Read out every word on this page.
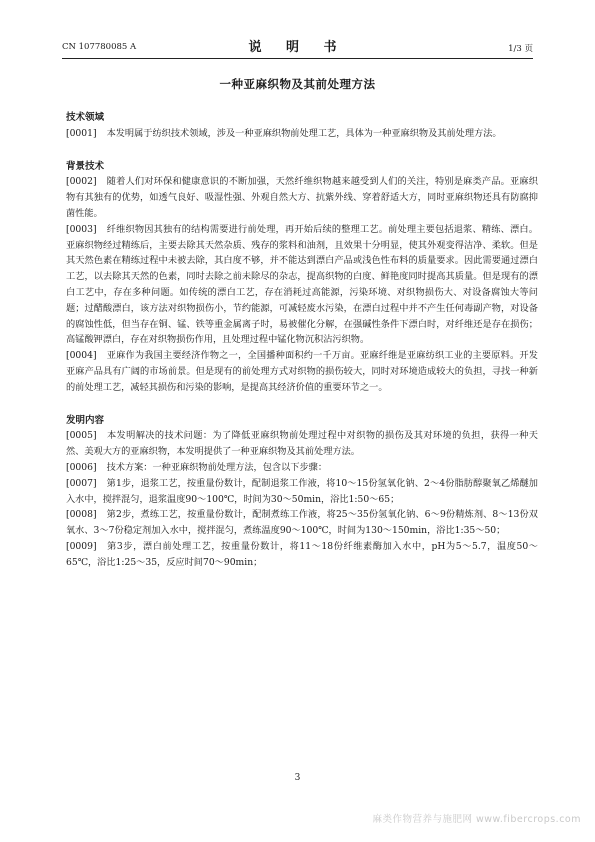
CN 107780085 A	说 明 书	1/3 页
一种亚麻织物及其前处理方法

技术领域

[0001] 本发明属于纺织技术领域，涉及一种亚麻织物前处理工艺，具体为一种亚麻织物及其前处理方法。

背景技术

[0002] 随着人们对环保和健康意识的不断加强，天然纤维织物越来越受到人们的关注，特别是麻类产品。亚麻织物有其独有的优势，如透气良好、吸湿性强、外观自然大方、抗紫外线、穿着舒适大方，同时亚麻织物还具有防腐抑菌性能。

[0003] 纤维织物因其独有的结构需要进行前处理，再开始后续的整理工艺。前处理主要包括退浆、精练、漂白。亚麻织物经过精练后，主要去除其天然杂质、残存的浆料和油剂，且效果十分明显，使其外观变得洁净、柔软。但是其天然色素在精练过程中未被去除，其白度不够，并不能达到漂白产品或浅色性布料的质量要求。因此需要通过漂白工艺，以去除其天然的色素，同时去除之前未除尽的杂志，提高织物的白度、鲜艳度同时提高其质量。但是现有的漂白工艺中，存在多种问题。如传统的漂白工艺，存在消耗过高能源，污染环境、对织物损伤大、对设备腐蚀大等问题；过醋酸漂白，该方法对织物损伤小，节约能源，可减轻废水污染，在漂白过程中并不产生任何毒副产物，对设备的腐蚀性低，但当存在铜、锰、铁等重金属离子时，易被催化分解，在强碱性条件下漂白时，对纤维还是存在损伤；高锰酸钾漂白，存在对织物损伤作用，且处理过程中锰化物沉积沾污织物。

[0004] 亚麻作为我国主要经济作物之一，全国播种面积约一千万亩。亚麻纤维是亚麻纺织工业的主要原料。开发亚麻产品具有广阔的市场前景。但是现有的前处理方式对织物的损伤较大，同时对环境造成较大的负担，寻找一种新的前处理工艺，减轻其损伤和污染的影响，是提高其经济价值的重要环节之一。

发明内容

[0005] 本发明解决的技术问题：为了降低亚麻织物前处理过程中对织物的损伤及其对环境的负担，获得一种天然、美观大方的亚麻织物，本发明提供了一种亚麻织物及其前处理方法。

[0006] 技术方案：一种亚麻织物前处理方法，包含以下步骤：

[0007] 第1步，退浆工艺，按重量份数计，配制退浆工作液，将10～15份氢氧化钠、2～4份脂肪醇聚氧乙烯醚加入水中，搅拌混匀，退浆温度90～100℃，时间为30～50min，浴比1:50～65；

[0008] 第2步，煮练工艺，按重量份数计，配制煮练工作液，将25～35份氢氧化钠、6～9份精炼剂、8～13份双氧水、3～7份稳定剂加入水中，搅拌混匀，煮练温度90～100℃，时间为130～150min，浴比1:35～50；

[0009] 第3步，漂白前处理工艺，按重量份数计，将11～18份纤维素酶加入水中，pH为5～5.7，温度50～65℃，浴比1:25～35，反应时间70～90min；

3
麻类作物营养与施肥网 www.fibercrops.com
